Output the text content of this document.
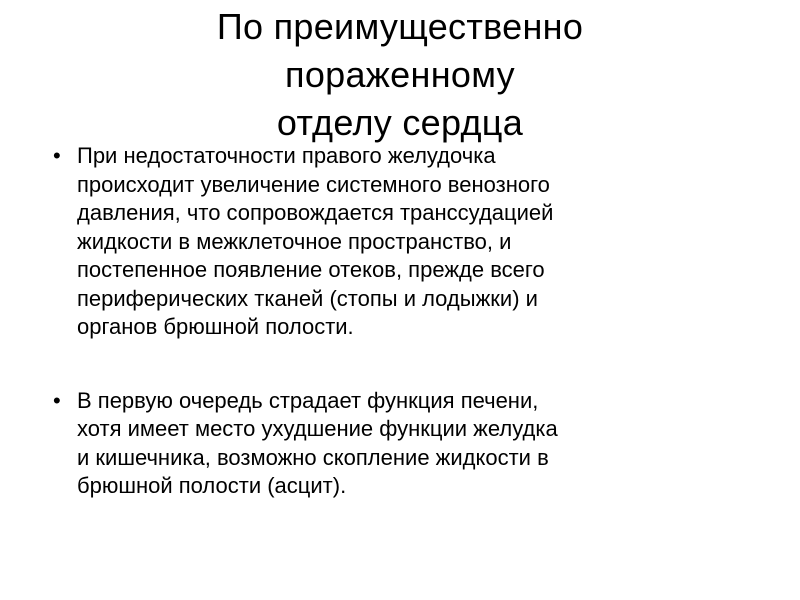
По преимущественно
пораженному
отделу сердца
• При недостаточности правого желудочка
происходит увеличение системного венозного
давления, что сопровождается транссудацией
жидкости в межклеточное пространство, и
постепенное появление отеков, прежде всего
периферических тканей (стопы и лодыжки) и
органов брюшной полости.
• В первую очередь страдает функция печени,
хотя имеет место ухудшение функции желудка
и кишечника, возможно скопление жидкости в
брюшной полости (асцит).
